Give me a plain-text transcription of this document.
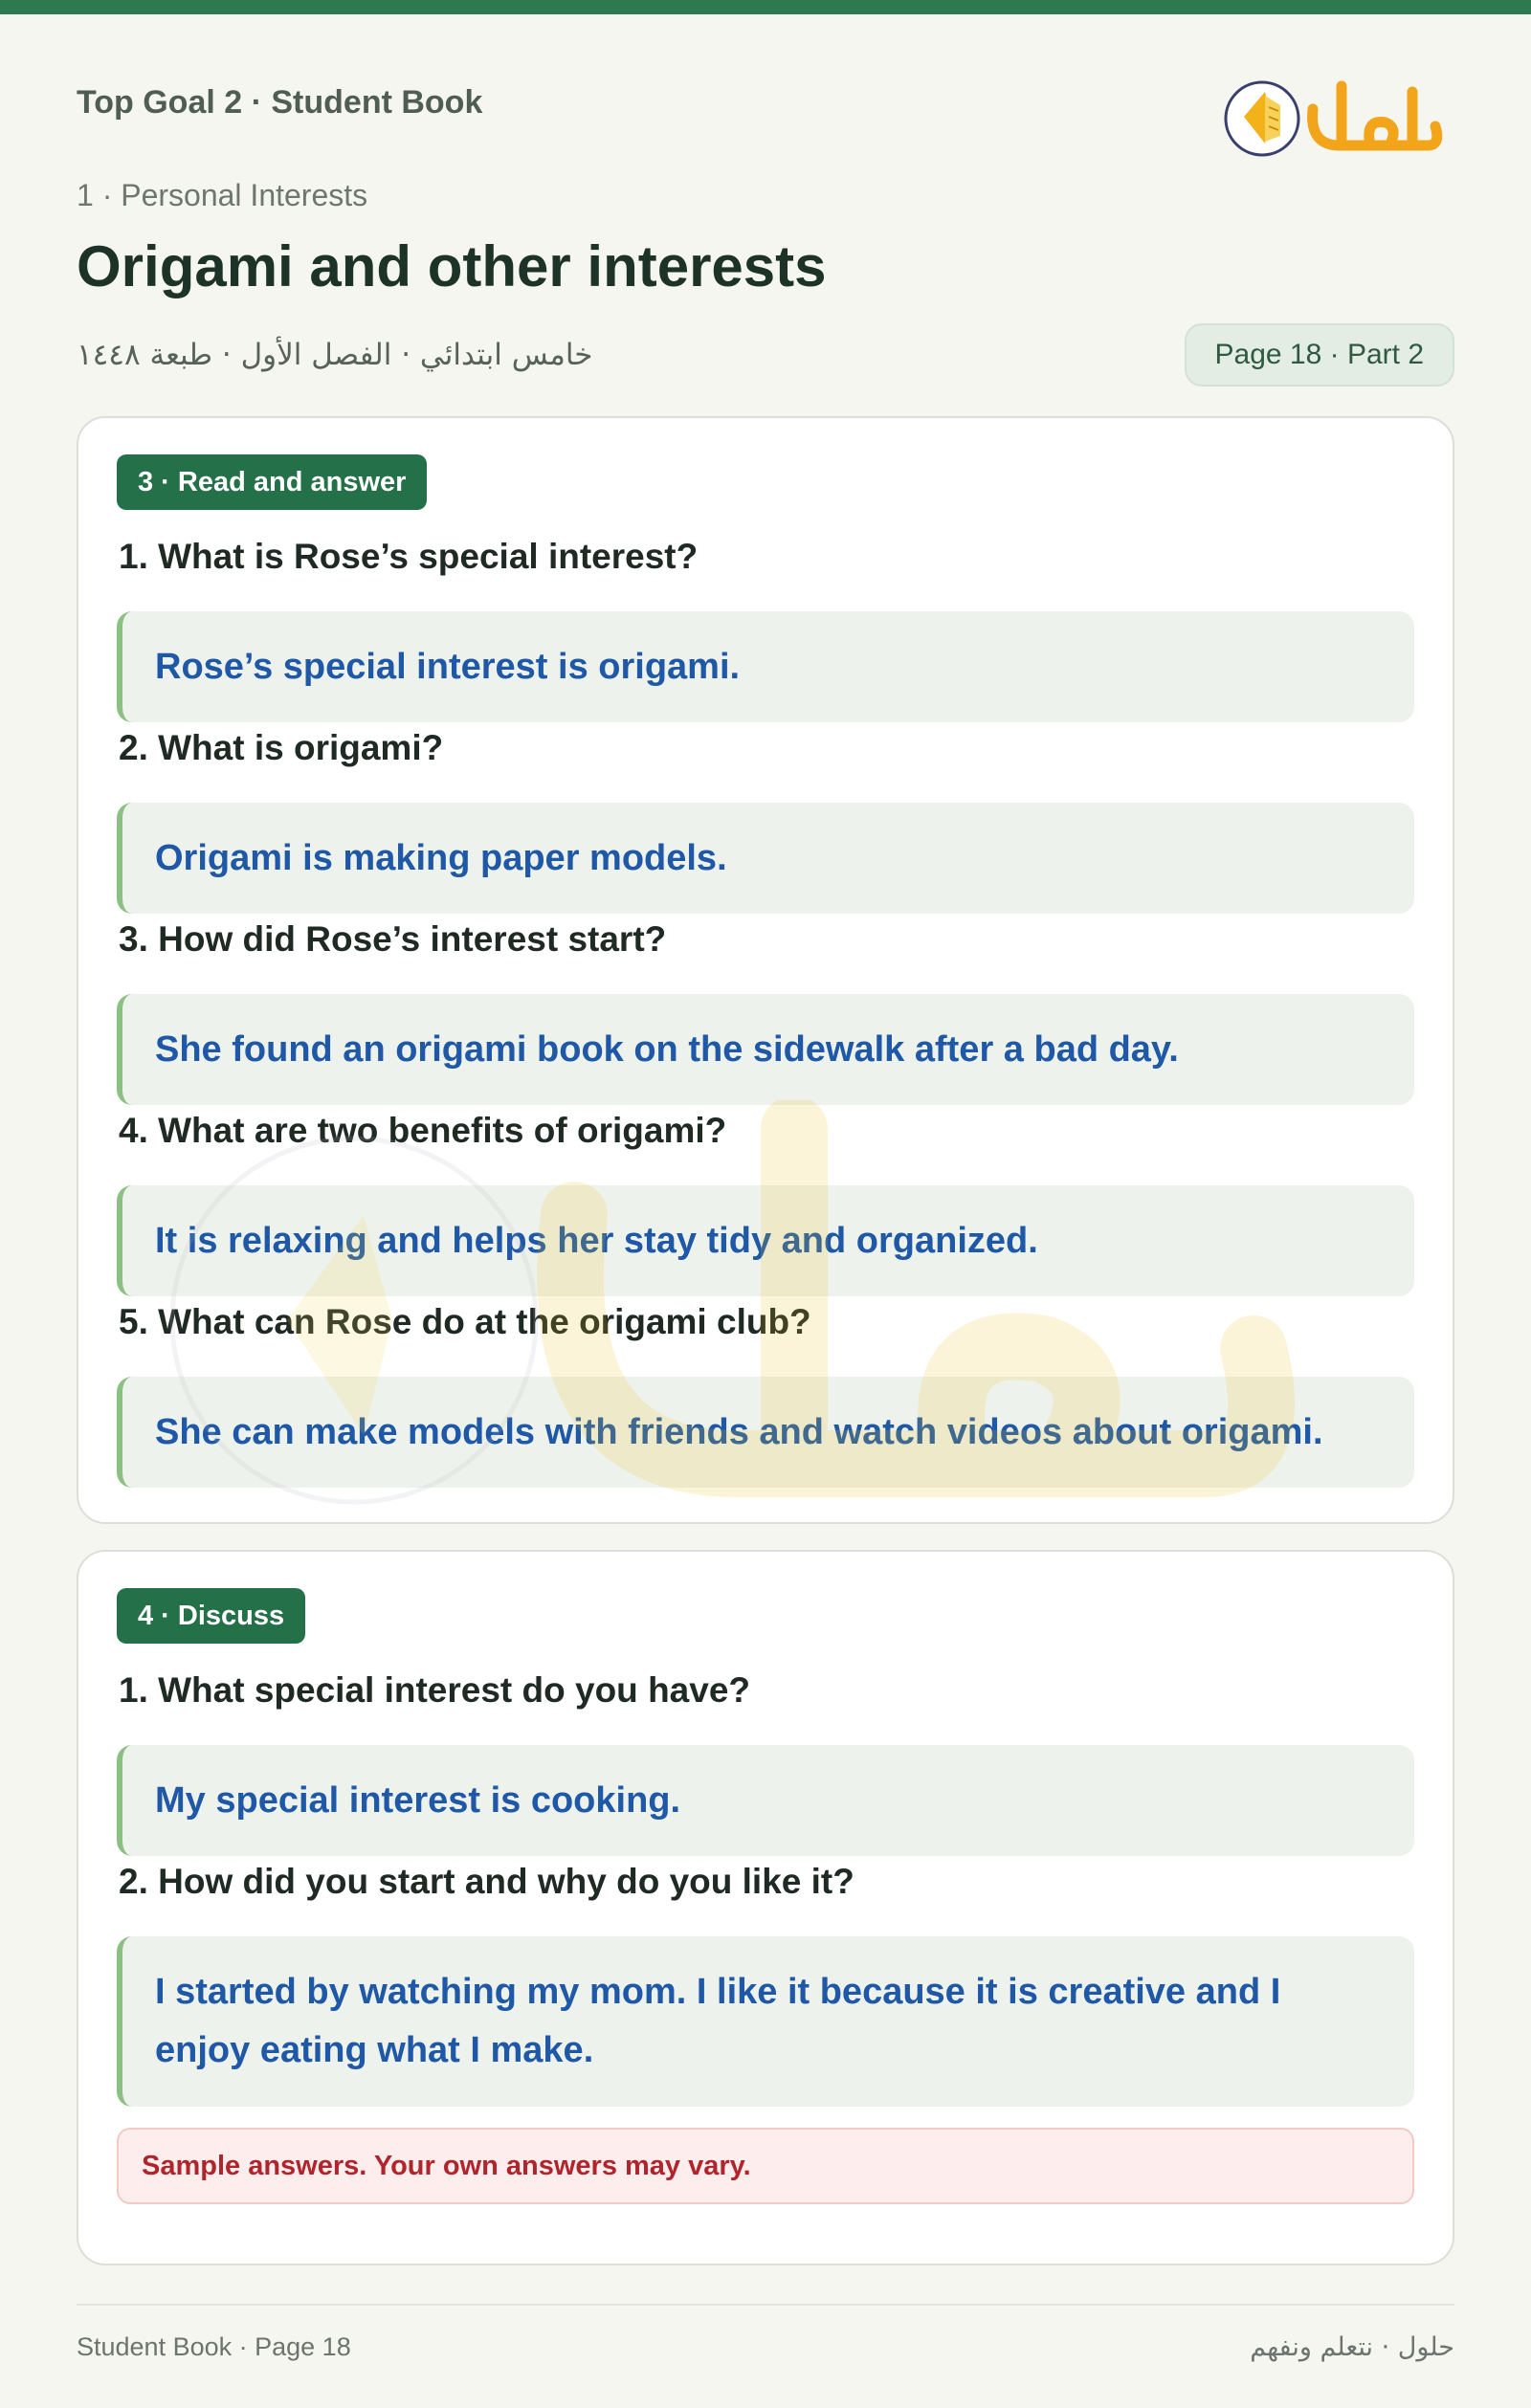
Top Goal 2 · Student Book
1 · Personal Interests
Origami and other interests
خامس ابتدائي · الفصل الأول · طبعة ١٤٤٨	Page 18 · Part 2
3 · Read and answer
1. What is Rose’s special interest?
Rose’s special interest is origami.
2. What is origami?
Origami is making paper models.
3. How did Rose’s interest start?
She found an origami book on the sidewalk after a bad day.
4. What are two benefits of origami?
It is relaxing and helps her stay tidy and organized.
5. What can Rose do at the origami club?
She can make models with friends and watch videos about origami.
4 · Discuss
1. What special interest do you have?
My special interest is cooking.
2. How did you start and why do you like it?
I started by watching my mom. I like it because it is creative and I enjoy eating what I make.
Sample answers. Your own answers may vary.
Student Book · Page 18	حلول · نتعلم ونفهم
